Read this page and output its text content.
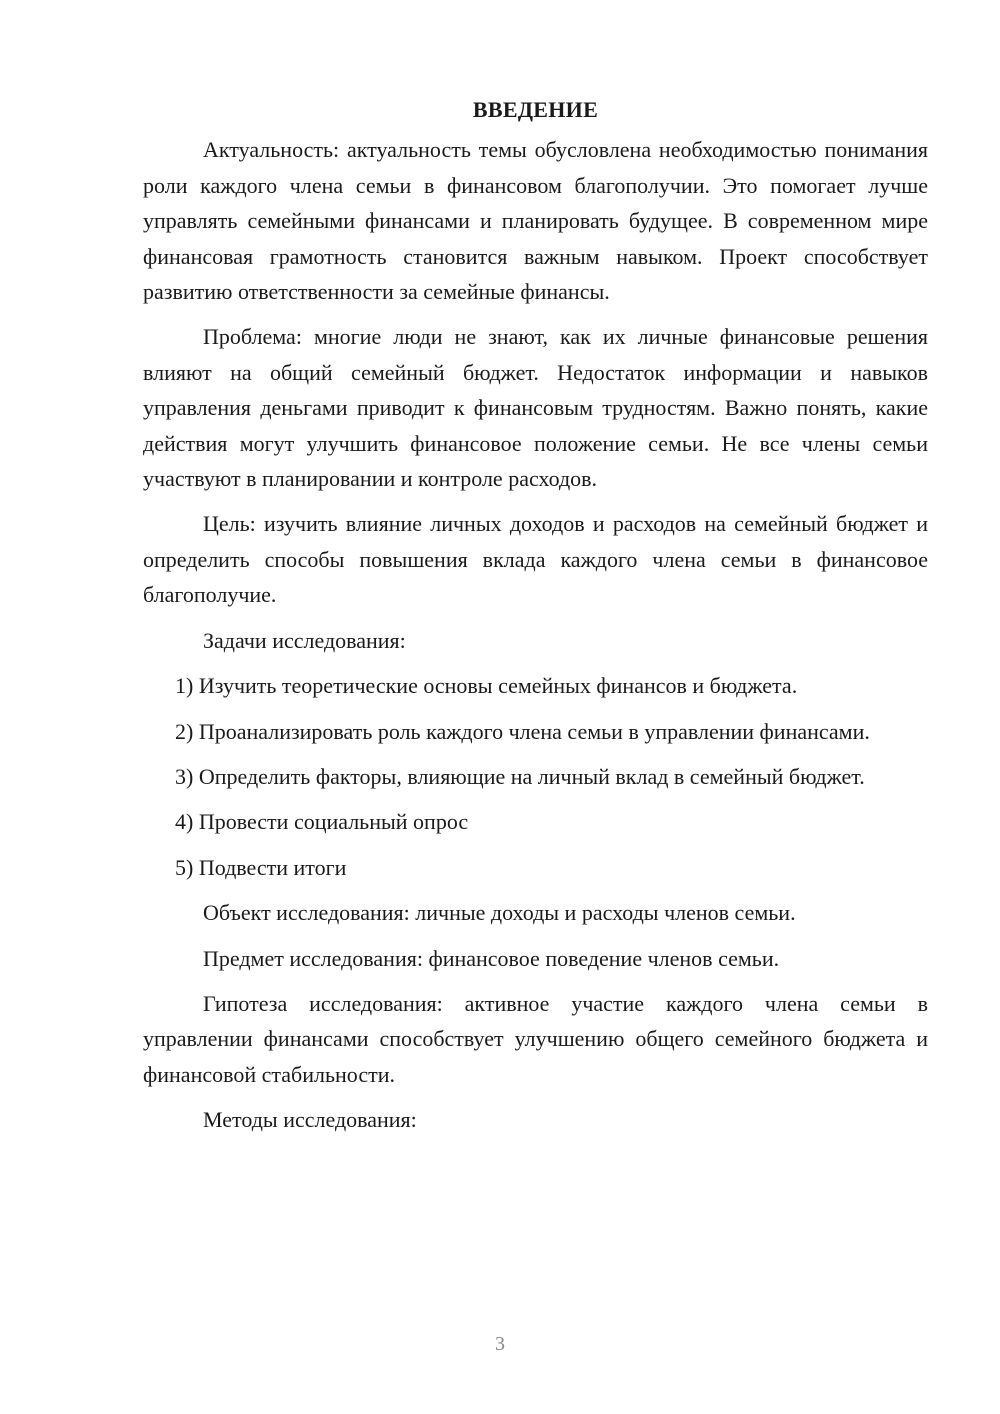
ВВЕДЕНИЕ

Актуальность: актуальность темы обусловлена необходимостью понимания роли каждого члена семьи в финансовом благополучии. Это помогает лучше управлять семейными финансами и планировать будущее. В современном мире финансовая грамотность становится важным навыком. Проект способствует развитию ответственности за семейные финансы.

Проблема: многие люди не знают, как их личные финансовые решения влияют на общий семейный бюджет. Недостаток информации и навыков управления деньгами приводит к финансовым трудностям. Важно понять, какие действия могут улучшить финансовое положение семьи. Не все члены семьи участвуют в планировании и контроле расходов.

Цель: изучить влияние личных доходов и расходов на семейный бюджет и определить способы повышения вклада каждого члена семьи в финансовое благополучие.

Задачи исследования:

1) Изучить теоретические основы семейных финансов и бюджета.

2) Проанализировать роль каждого члена семьи в управлении финансами.

3) Определить факторы, влияющие на личный вклад в семейный бюджет.

4) Провести социальный опрос

5) Подвести итоги

Объект исследования: личные доходы и расходы членов семьи.

Предмет исследования: финансовое поведение членов семьи.

Гипотеза исследования: активное участие каждого члена семьи в управлении финансами способствует улучшению общего семейного бюджета и финансовой стабильности.

Методы исследования:

3
